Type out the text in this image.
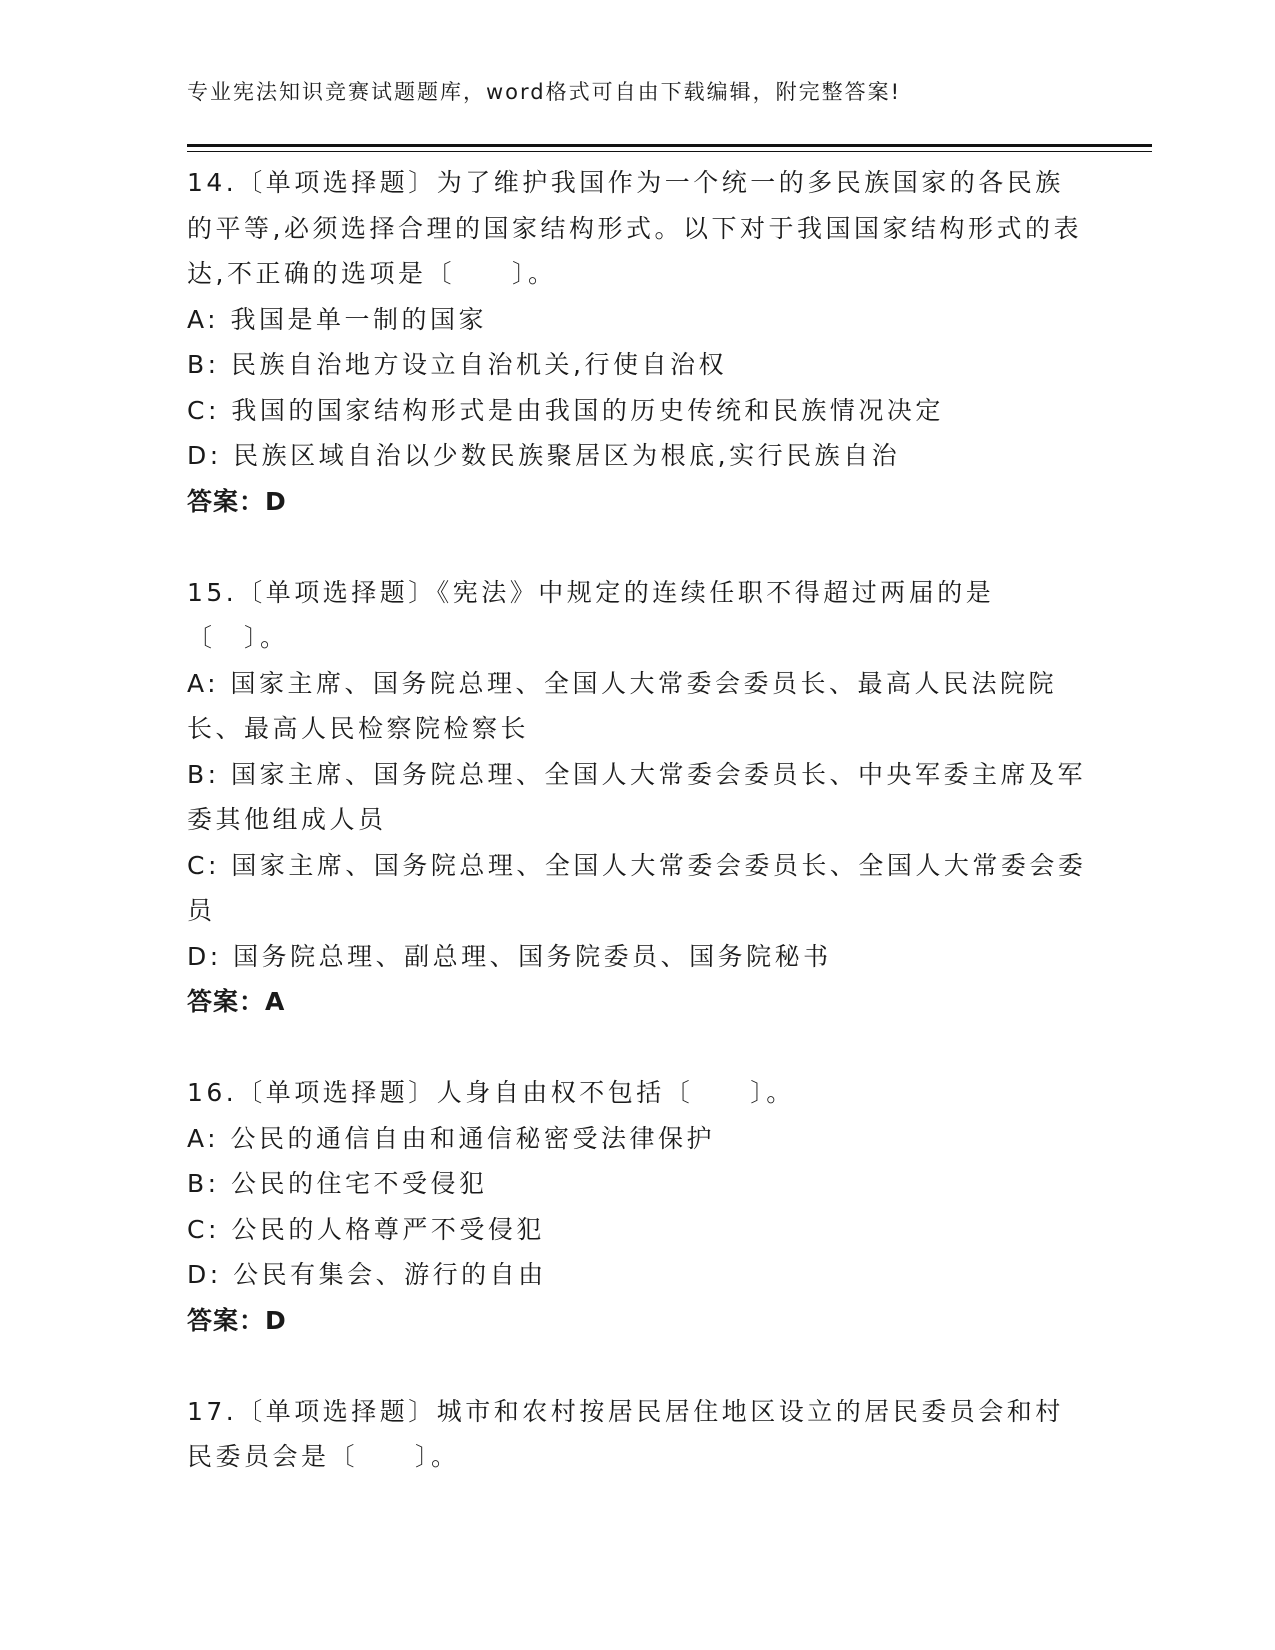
专业宪法知识竞赛试题题库，word格式可自由下载编辑，附完整答案!
14.〔单项选择题〕为了维护我国作为一个统一的多民族国家的各民族的平等,必须选择合理的国家结构形式。以下对于我国国家结构形式的表达,不正确的选项是〔　　〕。
A: 我国是单一制的国家
B: 民族自治地方设立自治机关,行使自治权
C: 我国的国家结构形式是由我国的历史传统和民族情况决定
D: 民族区域自治以少数民族聚居区为根底,实行民族自治
答案：D
15.〔单项选择题〕《宪法》中规定的连续任职不得超过两届的是〔　〕。
A: 国家主席、国务院总理、全国人大常委会委员长、最高人民法院院长、最高人民检察院检察长
B: 国家主席、国务院总理、全国人大常委会委员长、中央军委主席及军委其他组成人员
C: 国家主席、国务院总理、全国人大常委会委员长、全国人大常委会委员
D: 国务院总理、副总理、国务院委员、国务院秘书
答案：A
16.〔单项选择题〕人身自由权不包括〔　　〕。
A: 公民的通信自由和通信秘密受法律保护
B: 公民的住宅不受侵犯
C: 公民的人格尊严不受侵犯
D: 公民有集会、游行的自由
答案：D
17.〔单项选择题〕城市和农村按居民居住地区设立的居民委员会和村民委员会是〔　　〕。
